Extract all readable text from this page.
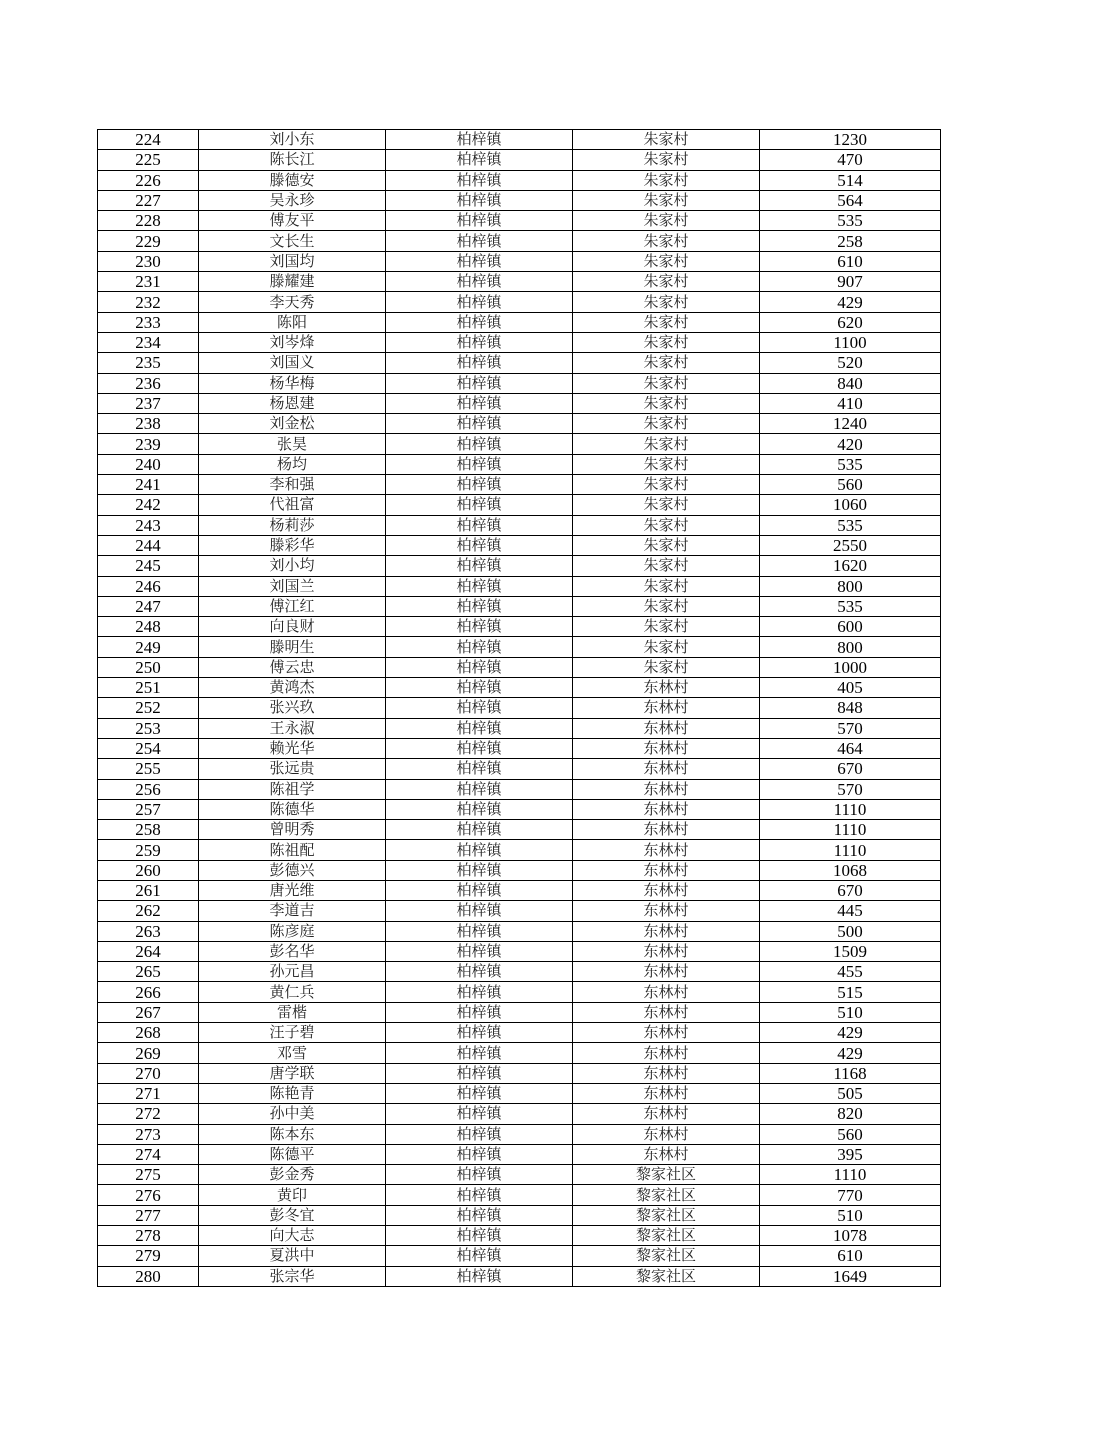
224	刘小东	柏梓镇	朱家村	1230
225	陈长江	柏梓镇	朱家村	470
226	滕德安	柏梓镇	朱家村	514
227	吴永珍	柏梓镇	朱家村	564
228	傅友平	柏梓镇	朱家村	535
229	文长生	柏梓镇	朱家村	258
230	刘国均	柏梓镇	朱家村	610
231	滕耀建	柏梓镇	朱家村	907
232	李天秀	柏梓镇	朱家村	429
233	陈阳	柏梓镇	朱家村	620
234	刘岑烽	柏梓镇	朱家村	1100
235	刘国义	柏梓镇	朱家村	520
236	杨华梅	柏梓镇	朱家村	840
237	杨恩建	柏梓镇	朱家村	410
238	刘金松	柏梓镇	朱家村	1240
239	张昊	柏梓镇	朱家村	420
240	杨均	柏梓镇	朱家村	535
241	李和强	柏梓镇	朱家村	560
242	代祖富	柏梓镇	朱家村	1060
243	杨莉莎	柏梓镇	朱家村	535
244	滕彩华	柏梓镇	朱家村	2550
245	刘小均	柏梓镇	朱家村	1620
246	刘国兰	柏梓镇	朱家村	800
247	傅江红	柏梓镇	朱家村	535
248	向良财	柏梓镇	朱家村	600
249	滕明生	柏梓镇	朱家村	800
250	傅云忠	柏梓镇	朱家村	1000
251	黄鸿杰	柏梓镇	东林村	405
252	张兴玖	柏梓镇	东林村	848
253	王永淑	柏梓镇	东林村	570
254	赖光华	柏梓镇	东林村	464
255	张远贵	柏梓镇	东林村	670
256	陈祖学	柏梓镇	东林村	570
257	陈德华	柏梓镇	东林村	1110
258	曾明秀	柏梓镇	东林村	1110
259	陈祖配	柏梓镇	东林村	1110
260	彭德兴	柏梓镇	东林村	1068
261	唐光维	柏梓镇	东林村	670
262	李道吉	柏梓镇	东林村	445
263	陈彦庭	柏梓镇	东林村	500
264	彭名华	柏梓镇	东林村	1509
265	孙元昌	柏梓镇	东林村	455
266	黄仁兵	柏梓镇	东林村	515
267	雷楷	柏梓镇	东林村	510
268	汪子碧	柏梓镇	东林村	429
269	邓雪	柏梓镇	东林村	429
270	唐学联	柏梓镇	东林村	1168
271	陈艳青	柏梓镇	东林村	505
272	孙中美	柏梓镇	东林村	820
273	陈本东	柏梓镇	东林村	560
274	陈德平	柏梓镇	东林村	395
275	彭金秀	柏梓镇	黎家社区	1110
276	黄印	柏梓镇	黎家社区	770
277	彭冬宜	柏梓镇	黎家社区	510
278	向大志	柏梓镇	黎家社区	1078
279	夏洪中	柏梓镇	黎家社区	610
280	张宗华	柏梓镇	黎家社区	1649
